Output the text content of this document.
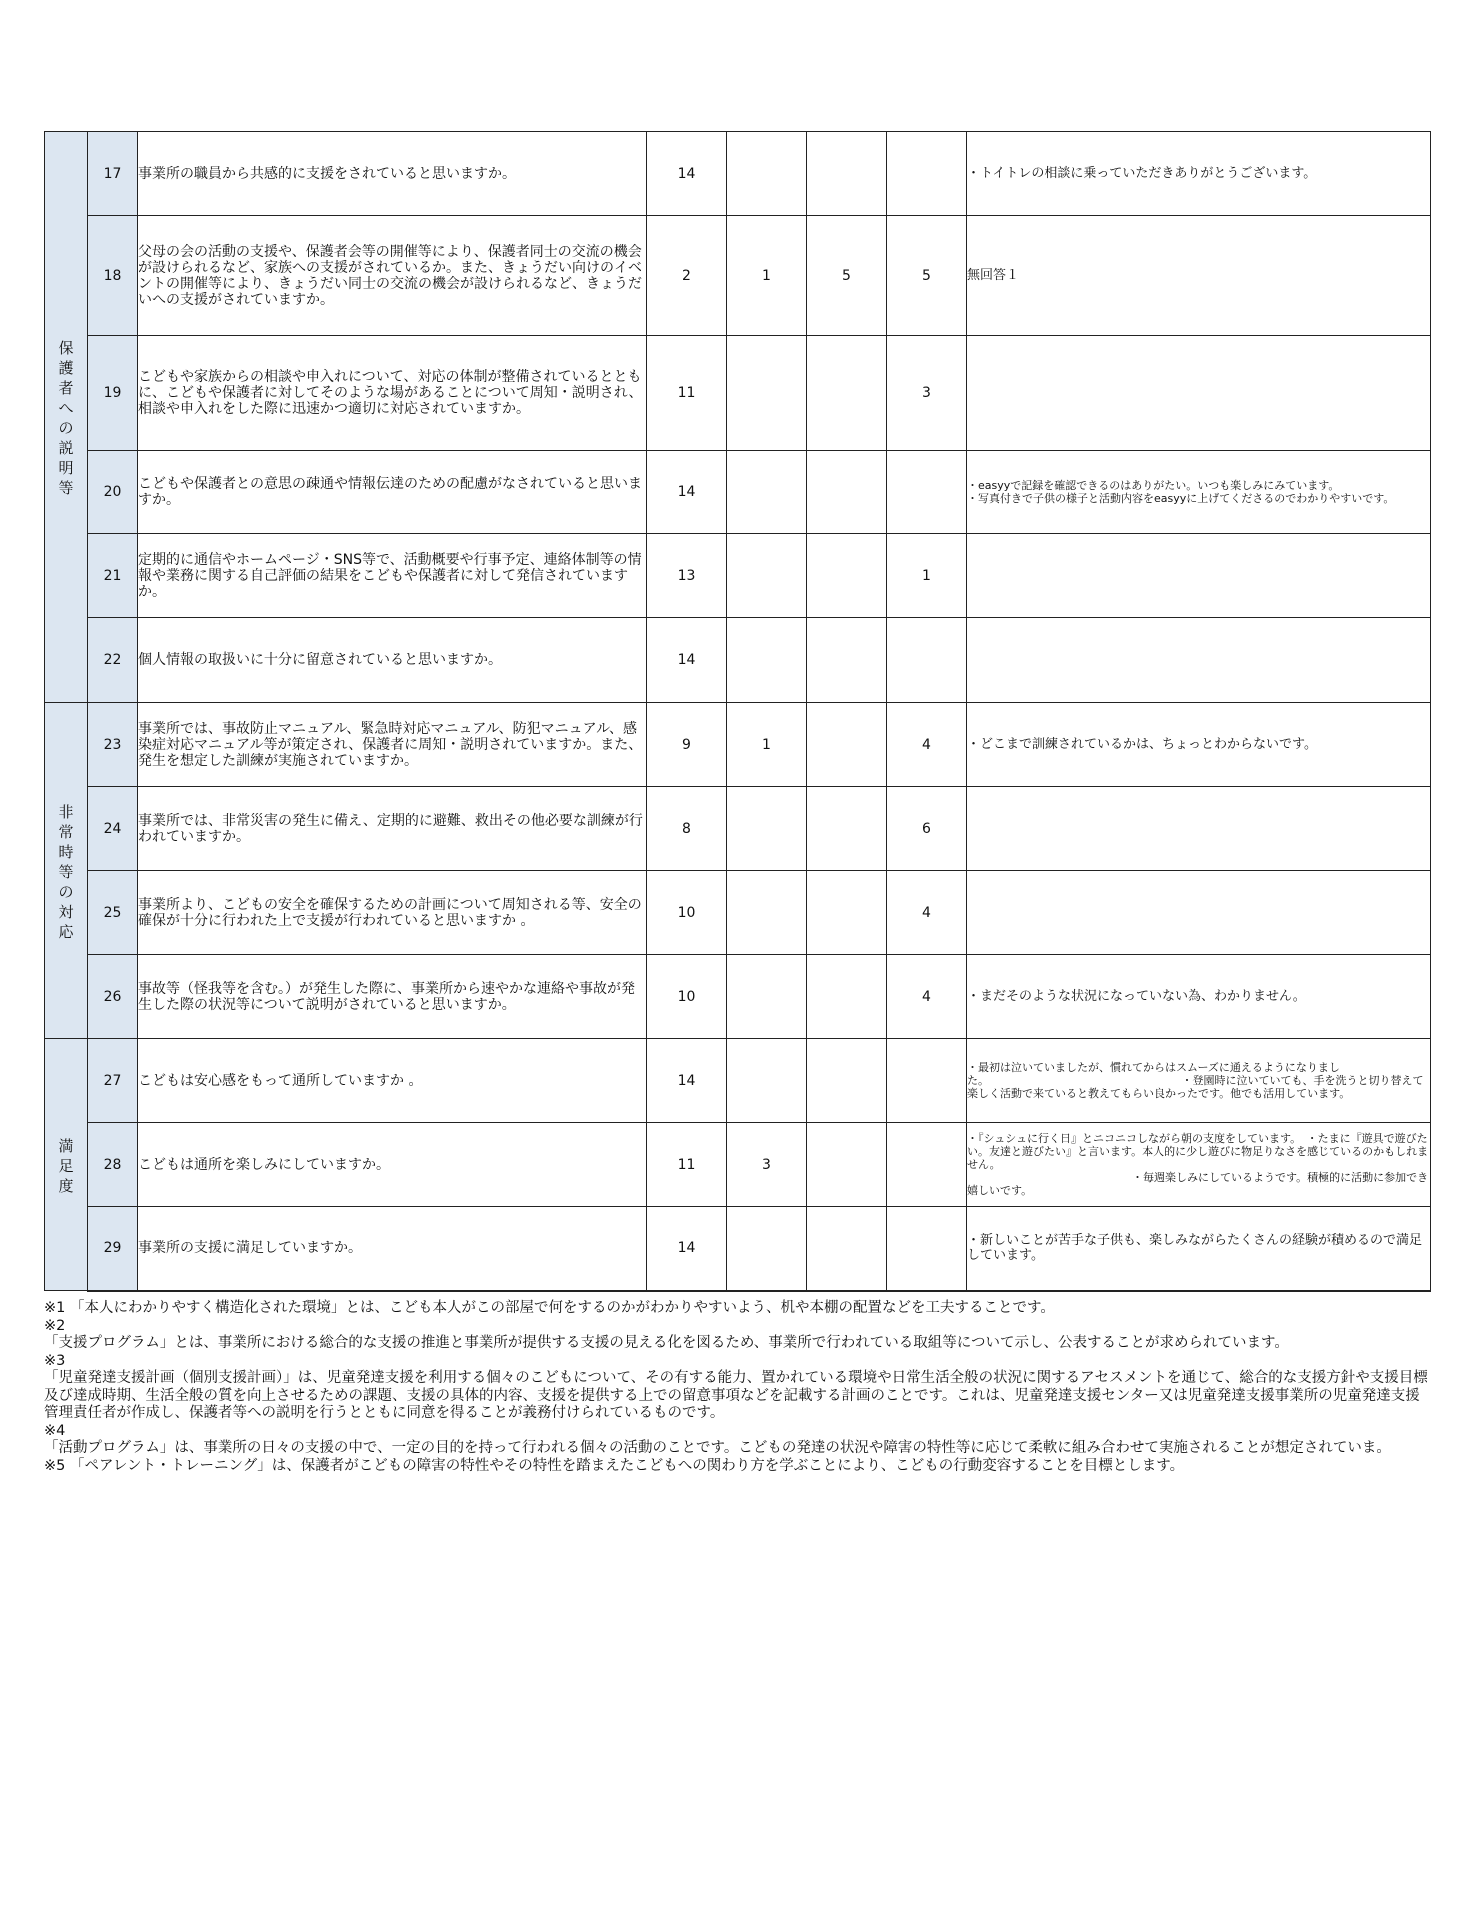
保護者への説明等	17	事業所の職員から共感的に支援をされていると思いますか。	14				・トイトレの相談に乗っていただきありがとうございます。
	18	父母の会の活動の支援や、保護者会等の開催等により、保護者同士の交流の機会が設けられるなど、家族への支援がされているか。また、きょうだい向けのイベントの開催等により、きょうだい同士の交流の機会が設けられるなど、きょうだいへの支援がされていますか。	2	1	5	5	無回答１
	19	こどもや家族からの相談や申入れについて、対応の体制が整備されているとともに、こどもや保護者に対してそのような場があることについて周知・説明され、相談や申入れをした際に迅速かつ適切に対応されていますか。	11			3	
	20	こどもや保護者との意思の疎通や情報伝達のための配慮がなされていると思いますか。	14				・easyyで記録を確認できるのはありがたい。いつも楽しみにみています。
・写真付きで子供の様子と活動内容をeasyyに上げてくださるのでわかりやすいです。
	21	定期的に通信やホームページ・SNS等で、活動概要や行事予定、連絡体制等の情報や業務に関する自己評価の結果をこどもや保護者に対して発信されていますか。	13			1	
	22	個人情報の取扱いに十分に留意されていると思いますか。	14				
非常時等の対応	23	事業所では、事故防止マニュアル、緊急時対応マニュアル、防犯マニュアル、感染症対応マニュアル等が策定され、保護者に周知・説明されていますか。また、発生を想定した訓練が実施されていますか。	9	1		4	・どこまで訓練されているかは、ちょっとわからないです。
	24	事業所では、非常災害の発生に備え、定期的に避難、救出その他必要な訓練が行われていますか。	8			6	
	25	事業所より、こどもの安全を確保するための計画について周知される等、安全の確保が十分に行われた上で支援が行われていると思いますか 。	10			4	
	26	事故等（怪我等を含む。）が発生した際に、事業所から速やかな連絡や事故が発生した際の状況等について説明がされていると思いますか。	10			4	・まだそのような状況になっていない為、わかりません。
満足度	27	こどもは安心感をもって通所していますか 。	14				・最初は泣いていましたが、慣れてからはスムーズに通えるようになりました。　　　　　　　　　　　　　　　　　　・登園時に泣いていても、手を洗うと切り替えて楽しく活動で来ていると教えてもらい良かったです。他でも活用しています。
	28	こどもは通所を楽しみにしていますか。	11	3			・『シュシュに行く日』とニコニコしながら朝の支度をしています。　・たまに『遊具で遊びたい。友達と遊びたい』と言います。本人的に少し遊びに物足りなさを感じているのかもしれません。
　　　　　　　　　　　　　　　・毎週楽しみにしているようです。積極的に活動に参加でき嬉しいです。
	29	事業所の支援に満足していますか。	14				・新しいことが苦手な子供も、楽しみながらたくさんの経験が積めるので満足しています。

※1 「本人にわかりやすく構造化された環境」とは、こども本人がこの部屋で何をするのかがわかりやすいよう、机や本棚の配置などを工夫することです。

※2

「支援プログラム」とは、事業所における総合的な支援の推進と事業所が提供する支援の見える化を図るため、事業所で行われている取組等について示し、公表することが求められています。

※3

「児童発達支援計画（個別支援計画）」は、児童発達支援を利用する個々のこどもについて、その有する能力、置かれている環境や日常生活全般の状況に関するアセスメントを通じて、総合的な支援方針や支援目標及び達成時期、生活全般の質を向上させるための課題、支援の具体的内容、支援を提供する上での留意事項などを記載する計画のことです。これは、児童発達支援センター又は児童発達支援事業所の児童発達支援管理責任者が作成し、保護者等への説明を行うとともに同意を得ることが義務付けられているものです。

※4

「活動プログラム」は、事業所の日々の支援の中で、一定の目的を持って行われる個々の活動のことです。こどもの発達の状況や障害の特性等に応じて柔軟に組み合わせて実施されることが想定されていま。

※5 「ペアレント・トレーニング」は、保護者がこどもの障害の特性やその特性を踏まえたこどもへの関わり方を学ぶことにより、こどもの行動変容することを目標とします。
